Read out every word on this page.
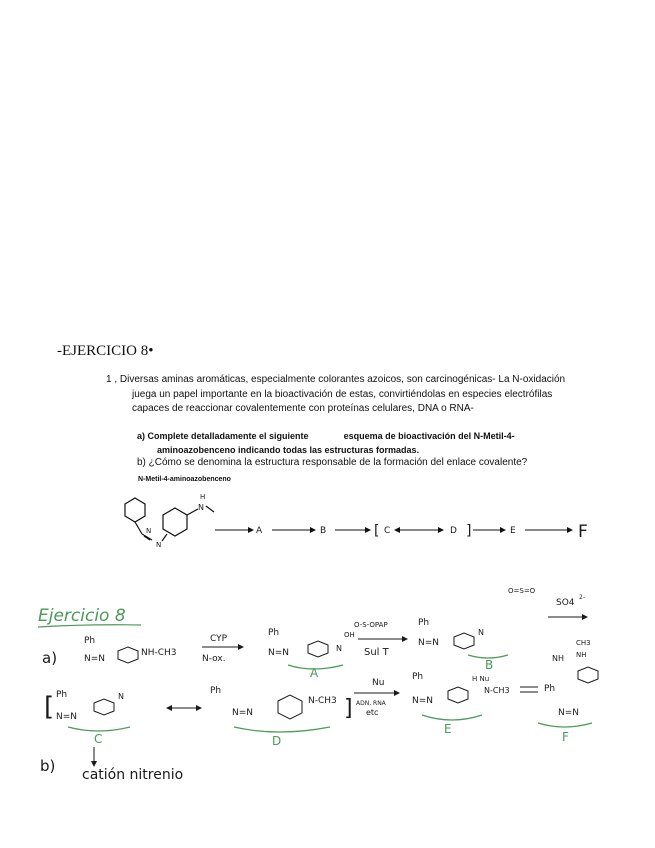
-EJERCICIO 8•
1 , Diversas aminas aromáticas, especialmente colorantes azoicos, son carcinogénicas- La N-oxidación
juega un papel importante en la bioactivación de estas, convirtiéndolas en especies electrófilas
capaces de reaccionar covalentemente con proteínas celulares, DNA o RNA-
a) Complete detalladamente el siguiente	esquema de bioactivación del N-Metil-4-
aminoazobenceno indicando todas las estructuras formadas.
b) ¿Cómo se denomina la estructura responsable de la formación del enlace covalente?
N-Metil-4-aminoazobenceno
N
N
N
H
A	B	[ C	D ]	E	F
Ejercicio 8
a)
Ph
N=N
NH-CH3
CYP
N-ox.
Ph
N=N
OH
N
A
O-S-OPAP
Sul T
Ph
N=N
N
O=S=O
B
SO4
2-
[ Ph
N=N
N
C
Ph
N=N
N-CH3
D
Nu
ADN, RNA
etc
]
Ph
N=N
H Nu
N-CH3
E
CH3
NH NH
Ph
N=N
F
b) catión nitrenio
